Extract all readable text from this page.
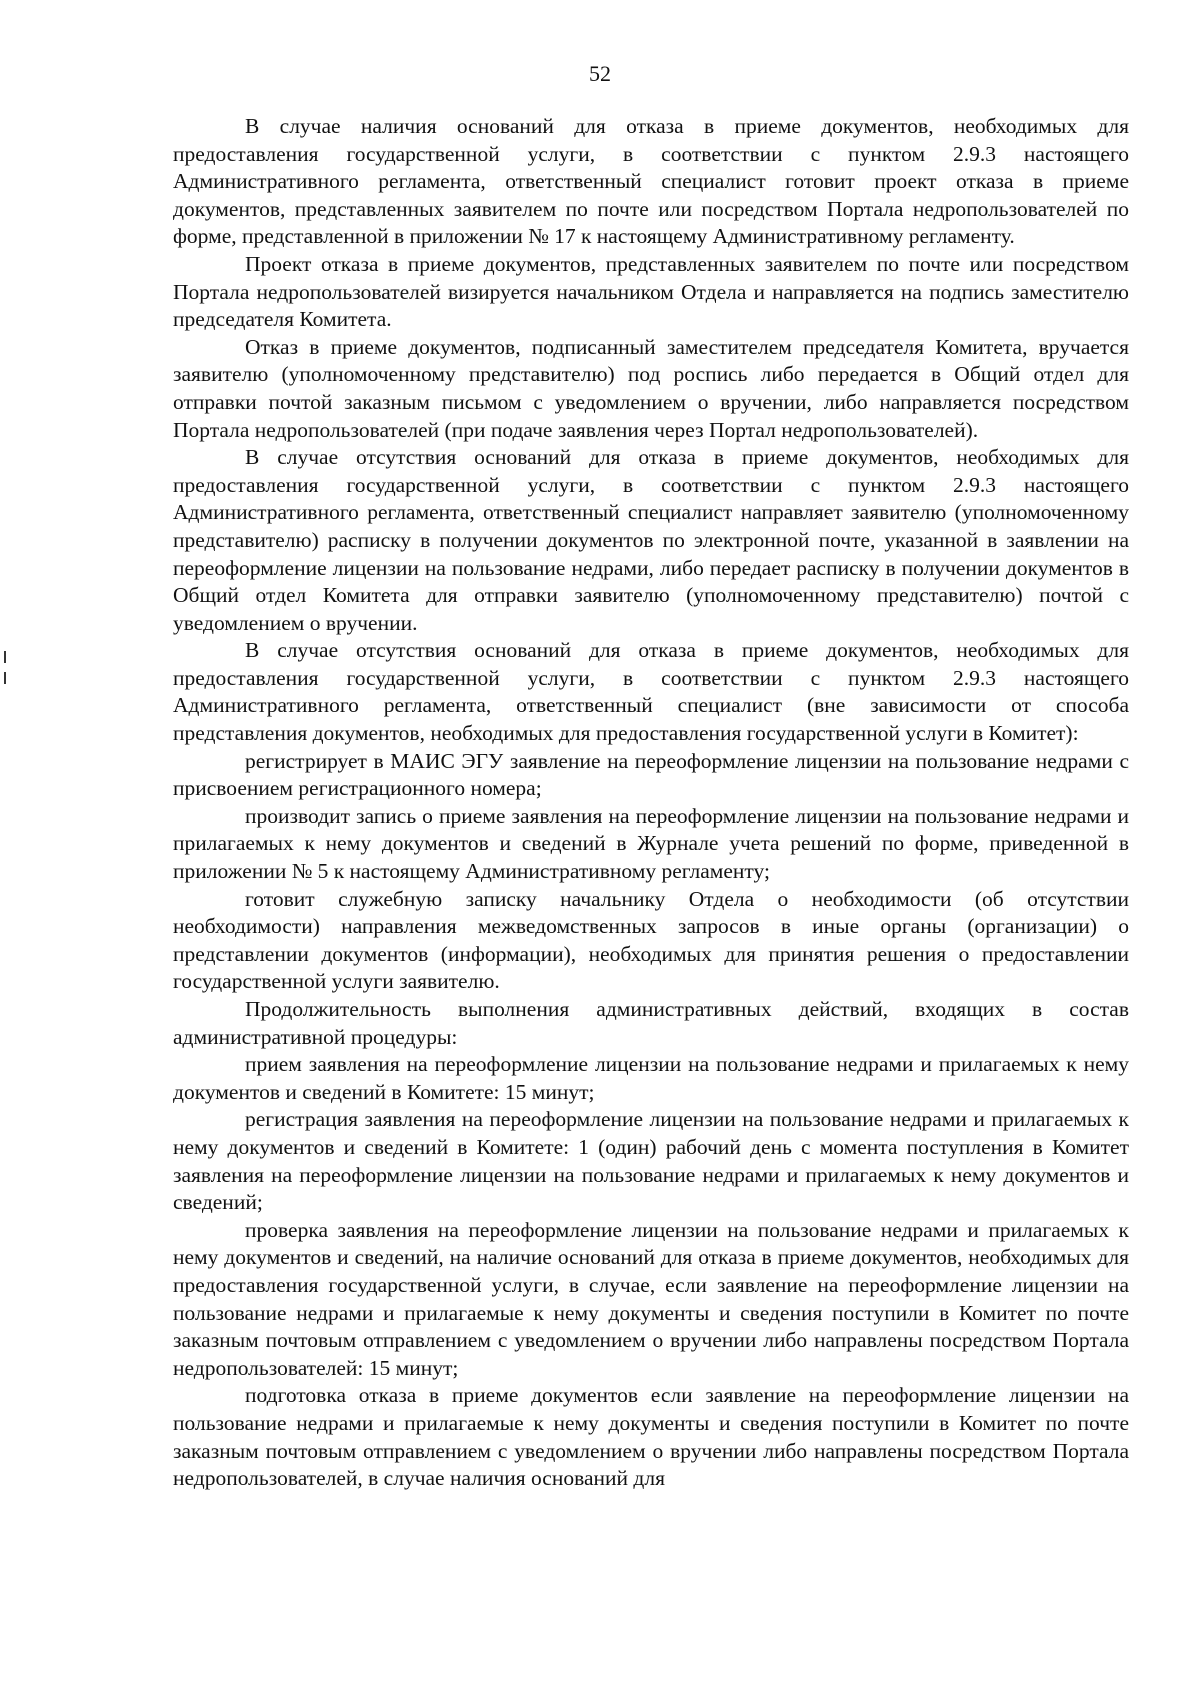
52

В случае наличия оснований для отказа в приеме документов, необходимых для предоставления государственной услуги, в соответствии с пунктом 2.9.3 настоящего Административного регламента, ответственный специалист готовит проект отказа в приеме документов, представленных заявителем по почте или посредством Портала недропользователей по форме, представленной в приложении № 17 к настоящему Административному регламенту.

Проект отказа в приеме документов, представленных заявителем по почте или посредством Портала недропользователей визируется начальником Отдела и направляется на подпись заместителю председателя Комитета.

Отказ в приеме документов, подписанный заместителем председателя Комитета, вручается заявителю (уполномоченному представителю) под роспись либо передается в Общий отдел для отправки почтой заказным письмом с уведомлением о вручении, либо направляется посредством Портала недропользователей (при подаче заявления через Портал недропользователей).

В случае отсутствия оснований для отказа в приеме документов, необходимых для предоставления государственной услуги, в соответствии с пунктом 2.9.3 настоящего Административного регламента, ответственный специалист направляет заявителю (уполномоченному представителю) расписку в получении документов по электронной почте, указанной в заявлении на переоформление лицензии на пользование недрами, либо передает расписку в получении документов в Общий отдел Комитета для отправки заявителю (уполномоченному представителю) почтой с уведомлением о вручении.

В случае отсутствия оснований для отказа в приеме документов, необходимых для предоставления государственной услуги, в соответствии с пунктом 2.9.3 настоящего Административного регламента, ответственный специалист (вне зависимости от способа представления документов, необходимых для предоставления государственной услуги в Комитет):

регистрирует в МАИС ЭГУ заявление на переоформление лицензии на пользование недрами с присвоением регистрационного номера;

производит запись о приеме заявления на переоформление лицензии на пользование недрами и прилагаемых к нему документов и сведений в Журнале учета решений по форме, приведенной в приложении № 5 к настоящему Административному регламенту;

готовит служебную записку начальнику Отдела о необходимости (об отсутствии необходимости) направления межведомственных запросов в иные органы (организации) о представлении документов (информации), необходимых для принятия решения о предоставлении государственной услуги заявителю.

Продолжительность выполнения административных действий, входящих в состав административной процедуры:

прием заявления на переоформление лицензии на пользование недрами и прилагаемых к нему документов и сведений в Комитете: 15 минут;

регистрация заявления на переоформление лицензии на пользование недрами и прилагаемых к нему документов и сведений в Комитете: 1 (один) рабочий день с момента поступления в Комитет заявления на переоформление лицензии на пользование недрами и прилагаемых к нему документов и сведений;

проверка заявления на переоформление лицензии на пользование недрами и прилагаемых к нему документов и сведений, на наличие оснований для отказа в приеме документов, необходимых для предоставления государственной услуги, в случае, если заявление на переоформление лицензии на пользование недрами и прилагаемые к нему документы и сведения поступили в Комитет по почте заказным почтовым отправлением с уведомлением о вручении либо направлены посредством Портала недропользователей: 15 минут;

подготовка отказа в приеме документов если заявление на переоформление лицензии на пользование недрами и прилагаемые к нему документы и сведения поступили в Комитет по почте заказным почтовым отправлением с уведомлением о вручении либо направлены посредством Портала недропользователей, в случае наличия оснований для
